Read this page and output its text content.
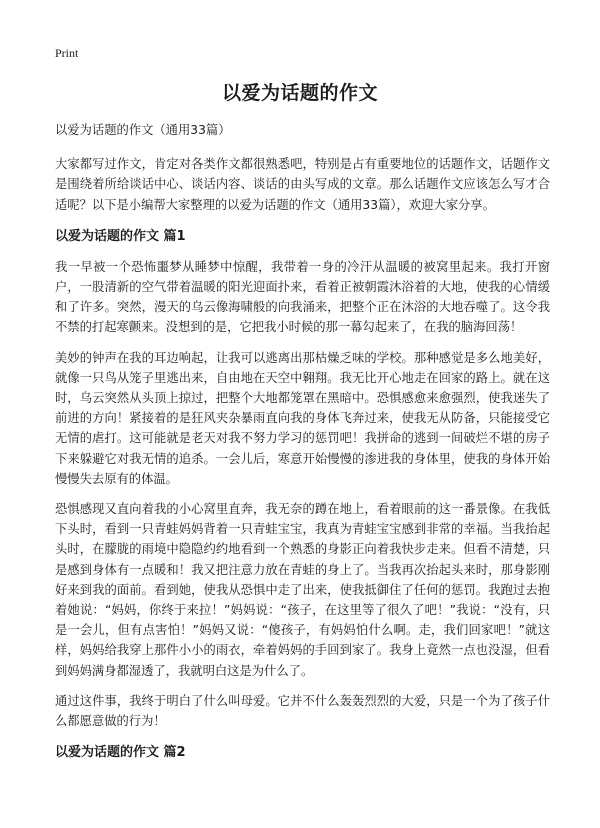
Print
以爱为话题的作文

以爱为话题的作文（通用33篇）

大家都写过作文，肯定对各类作文都很熟悉吧，特别是占有重要地位的话题作文，话题作文是围绕着所给谈话中心、谈话内容、谈话的由头写成的文章。那么话题作文应该怎么写才合适呢？以下是小编帮大家整理的以爱为话题的作文（通用33篇），欢迎大家分享。

以爱为话题的作文 篇1

我一早被一个恐怖噩梦从睡梦中惊醒，我带着一身的冷汗从温暖的被窝里起来。我打开窗户，一股清新的空气带着温暖的阳光迎面扑来，看着正被朝霞沐浴着的大地，使我的心情缓和了许多。突然，漫天的乌云像海啸般的向我涌来，把整个正在沐浴的大地吞噬了。这令我不禁的打起寒颤来。没想到的是，它把我小时候的那一幕勾起来了，在我的脑海回荡！

美妙的钟声在我的耳边响起，让我可以逃离出那枯燥乏味的学校。那种感觉是多么地美好，就像一只鸟从笼子里逃出来，自由地在天空中翱翔。我无比开心地走在回家的路上。就在这时，乌云突然从头顶上掠过，把整个大地都笼罩在黑暗中。恐惧感愈来愈强烈，使我迷失了前进的方向！紧接着的是狂风夹杂暴雨直向我的身体飞奔过来，使我无从防备，只能接受它无情的虐打。这可能就是老天对我不努力学习的惩罚吧！我拼命的逃到一间破烂不堪的房子下来躲避它对我无情的追杀。一会儿后，寒意开始慢慢的渗进我的身体里，使我的身体开始慢慢失去原有的体温。

恐惧感现又直向着我的小心窝里直奔，我无奈的蹲在地上，看着眼前的这一番景像。在我低下头时，看到一只青蛙妈妈背着一只青蛙宝宝，我真为青蛙宝宝感到非常的幸福。当我抬起头时，在朦胧的雨境中隐隐约约地看到一个熟悉的身影正向着我快步走来。但看不清楚，只是感到身体有一点暖和！我又把注意力放在青蛙的身上了。当我再次抬起头来时，那身影刚好来到我的面前。看到她，使我从恐惧中走了出来，使我抵御住了任何的惩罚。我跑过去抱着她说：“妈妈，你终于来拉！”妈妈说：“孩子，在这里等了很久了吧！”我说：“没有，只是一会儿，但有点害怕！”妈妈又说：“傻孩子，有妈妈怕什么啊。走，我们回家吧！”就这样，妈妈给我穿上那件小小的雨衣，牵着妈妈的手回到家了。我身上竟然一点也没湿，但看到妈妈满身都湿透了，我就明白这是为什么了。

通过这件事，我终于明白了什么叫母爱。它并不什么轰轰烈烈的大爱，只是一个为了孩子什么都愿意做的行为！

以爱为话题的作文 篇2
